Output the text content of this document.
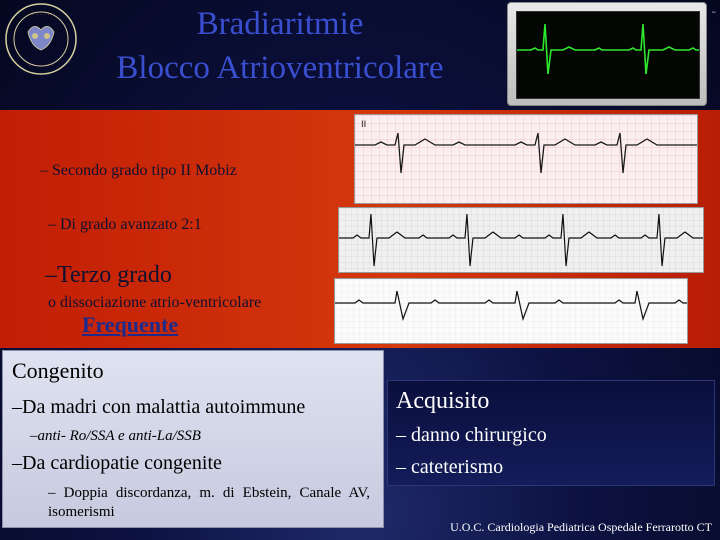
Bradiaritmie
Blocco Atrioventricolare
~
· · · · · · ·
· · · · · · ·
II
– Secondo grado tipo II Mobiz
– Di grado avanzato 2:1
–Terzo grado
o dissociazione atrio-ventricolare
Frequente
Congenito
–Da madri con malattia autoimmune
–anti- Ro/SSA e anti-La/SSB
–Da cardiopatie congenite
– Doppia discordanza, m. di Ebstein, Canale AV, isomerismi
Acquisito
– danno chirurgico
– cateterismo
U.O.C. Cardiologia Pediatrica Ospedale Ferrarotto CT
